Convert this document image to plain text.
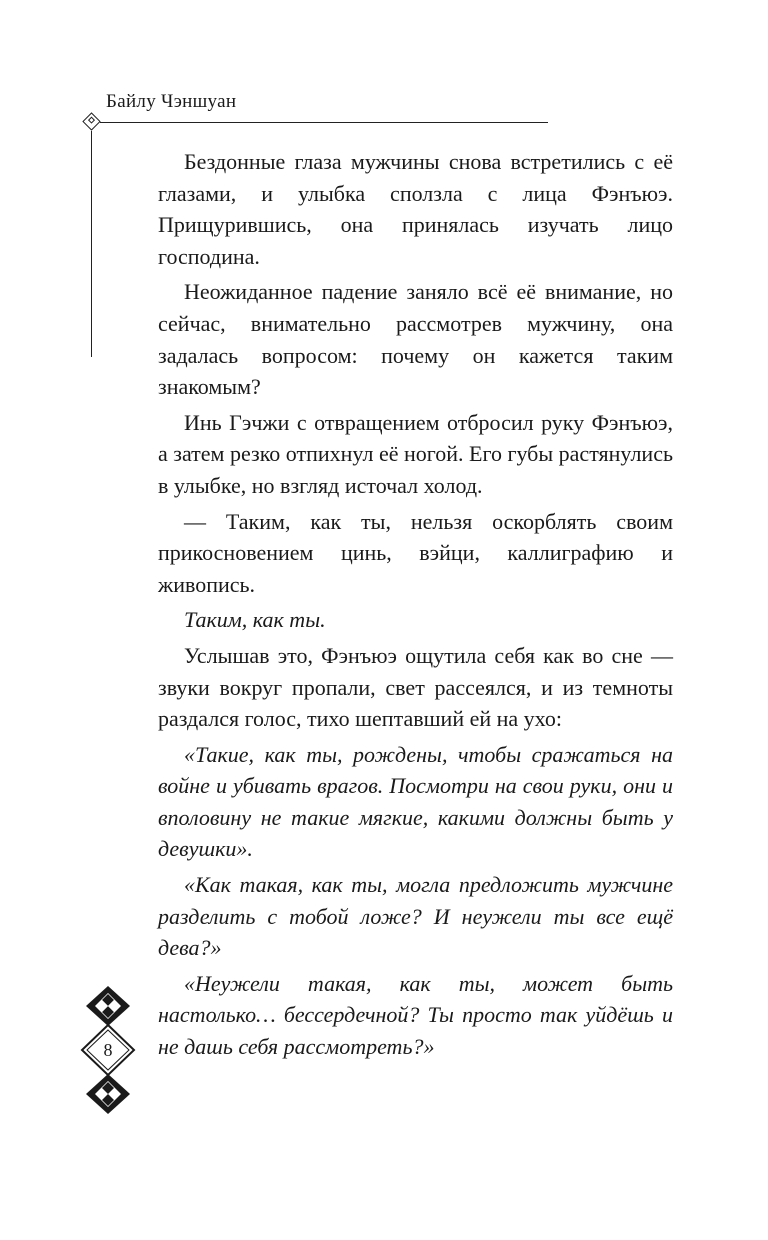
Байлу Чэншуан

Бездонные глаза мужчины снова встретились с её глазами, и улыбка сползла с лица Фэнъюэ. Прищурившись, она принялась изучать лицо господина.

Неожиданное падение заняло всё её внимание, но сейчас, внимательно рассмотрев мужчину, она задалась вопросом: почему он кажется таким знакомым?

Инь Гэчжи с отвращением отбросил руку Фэнъюэ, а затем резко отпихнул её ногой. Его губы растянулись в улыбке, но взгляд источал холод.

— Таким, как ты, нельзя оскорблять своим прикосновением цинь, вэйци, каллиграфию и живопись.

Таким, как ты.

Услышав это, Фэнъюэ ощутила себя как во сне — звуки вокруг пропали, свет рассеялся, и из темноты раздался голос, тихо шептавший ей на ухо:

«Такие, как ты, рождены, чтобы сражаться на войне и убивать врагов. Посмотри на свои руки, они и вполовину не такие мягкие, какими должны быть у девушки».

«Как такая, как ты, могла предложить мужчине разделить с тобой ложе? И неужели ты все ещё дева?»

«Неужели такая, как ты, может быть настолько… бессердечной? Ты просто так уйдёшь и не дашь себя рассмотреть?»

8
